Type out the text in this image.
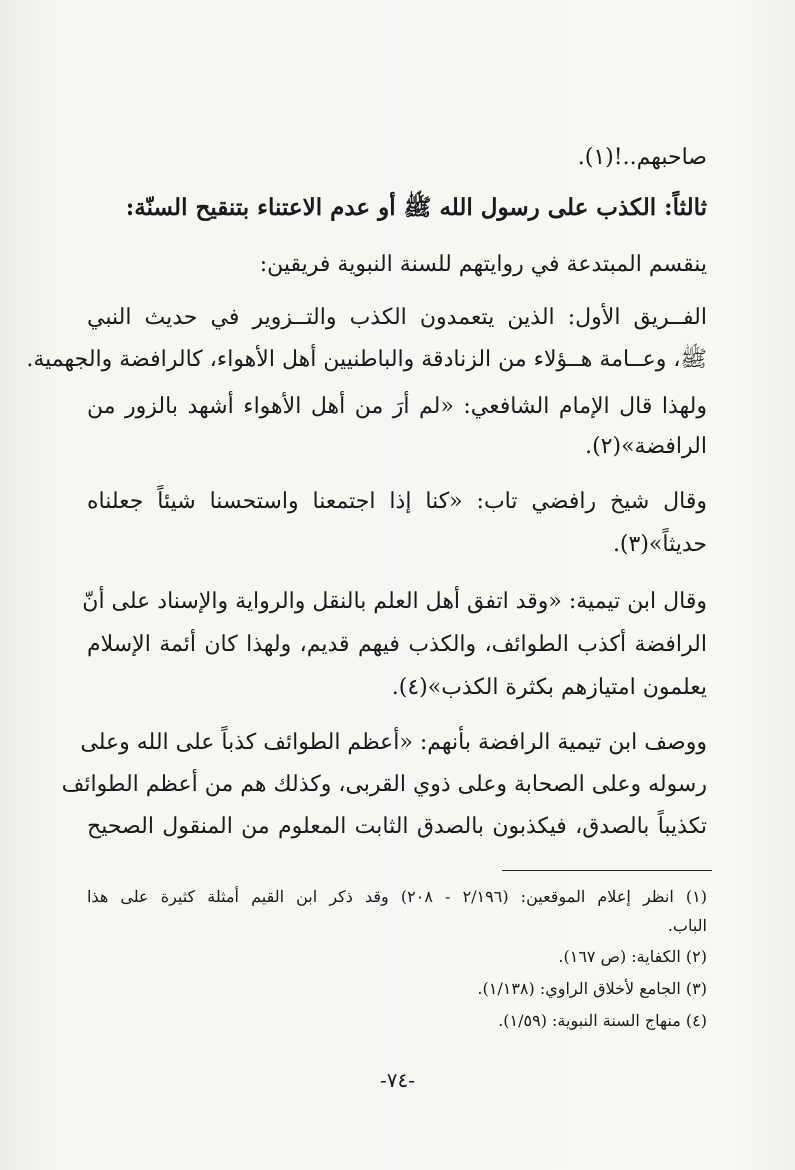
صاحبهم..!(١).
ثالثاً: الكذب على رسول الله ﷺ أو عدم الاعتناء بتنقيح السنّة:
ينقسم المبتدعة في روايتهم للسنة النبوية فريقين:
الفــريق الأول: الذين يتعمدون الكذب والتــزوير في حديث النبي
ﷺ، وعــامة هــؤلاء من الزنادقة والباطنيين أهل الأهواء، كالرافضة والجهمية.
ولهذا قال الإمام الشافعي: «لم أرَ من أهل الأهواء أشهد بالزور من
الرافضة»(٢).
وقال شيخ رافضي تاب: «كنا إذا اجتمعنا واستحسنا شيئاً جعلناه
حديثاً»(٣).
وقال ابن تيمية: «وقد اتفق أهل العلم بالنقل والرواية والإسناد على أنّ
الرافضة أكذب الطوائف، والكذب فيهم قديم، ولهذا كان أئمة الإسلام
يعلمون امتيازهم بكثرة الكذب»(٤).
ووصف ابن تيمية الرافضة بأنهم: «أعظم الطوائف كذباً على الله وعلى
رسوله وعلى الصحابة وعلى ذوي القربى، وكذلك هم من أعظم الطوائف
تكذيباً بالصدق، فيكذبون بالصدق الثابت المعلوم من المنقول الصحيح
(١) انظر إعلام الموقعين: (٢/١٩٦ - ٢٠٨) وقد ذكر ابن القيم أمثلة كثيرة على هذا
الباب.
(٢) الكفاية: (ص ١٦٧).
(٣) الجامع لأخلاق الراوي: (١/١٣٨).
(٤) منهاج السنة النبوية: (١/٥٩).
-٧٤-
